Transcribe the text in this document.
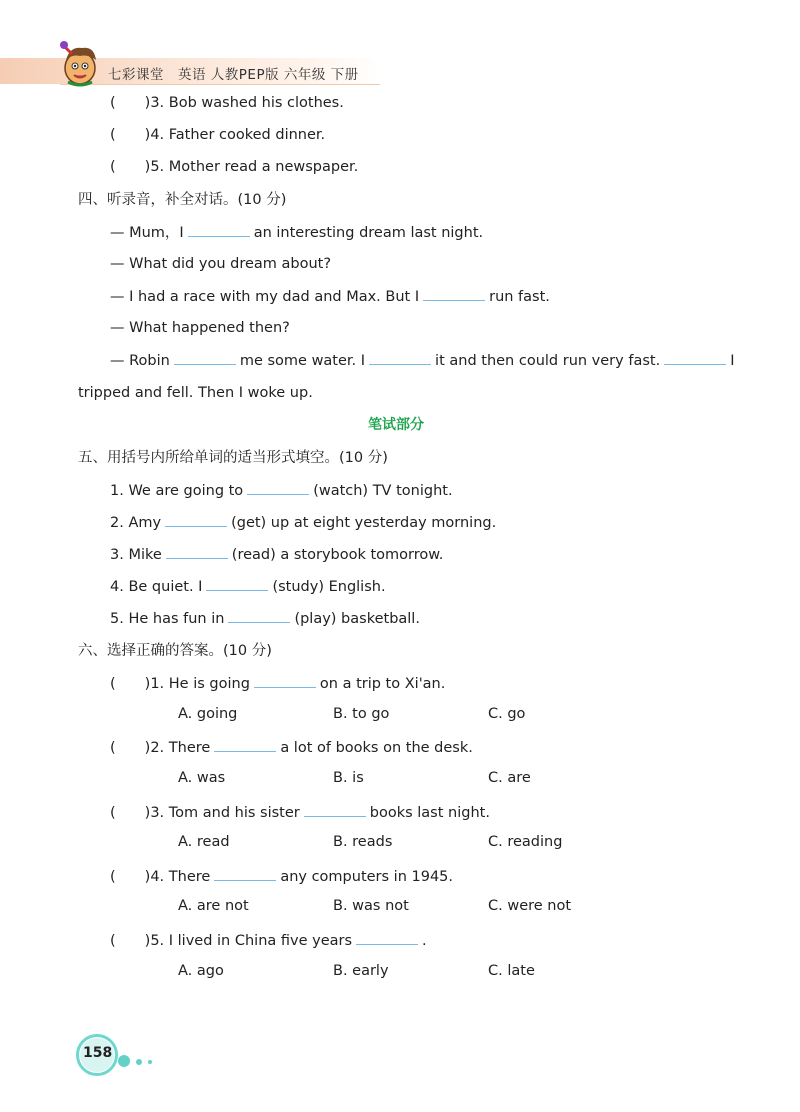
七彩课堂　英语 人教PEP版 六年级 下册
(　　)3. Bob washed his clothes.
(　　)4. Father cooked dinner.
(　　)5. Mother read a newspaper.
四、听录音，补全对话。(10 分)
— Mum，I	an interesting dream last night.
— What did you dream about?
— I had a race with my dad and Max. But I	run fast.
— What happened then?
— Robin	me some water. I	it and then could run very fast.	I
tripped and fell. Then I woke up.
笔试部分
五、用括号内所给单词的适当形式填空。(10 分)
1. We are going to	(watch) TV tonight.
2. Amy	(get) up at eight yesterday morning.
3. Mike	(read) a storybook tomorrow.
4. Be quiet. I	(study) English.
5. He has fun in	(play) basketball.
六、选择正确的答案。(10 分)
(　　)1. He is going	on a trip to Xi'an.
A. going	B. to go	C. go
(　　)2. There	a lot of books on the desk.
A. was	B. is	C. are
(　　)3. Tom and his sister	books last night.
A. read	B. reads	C. reading
(　　)4. There	any computers in 1945.
A. are not	B. was not	C. were not
(　　)5. I lived in China five years	.
A. ago	B. early	C. late
158
